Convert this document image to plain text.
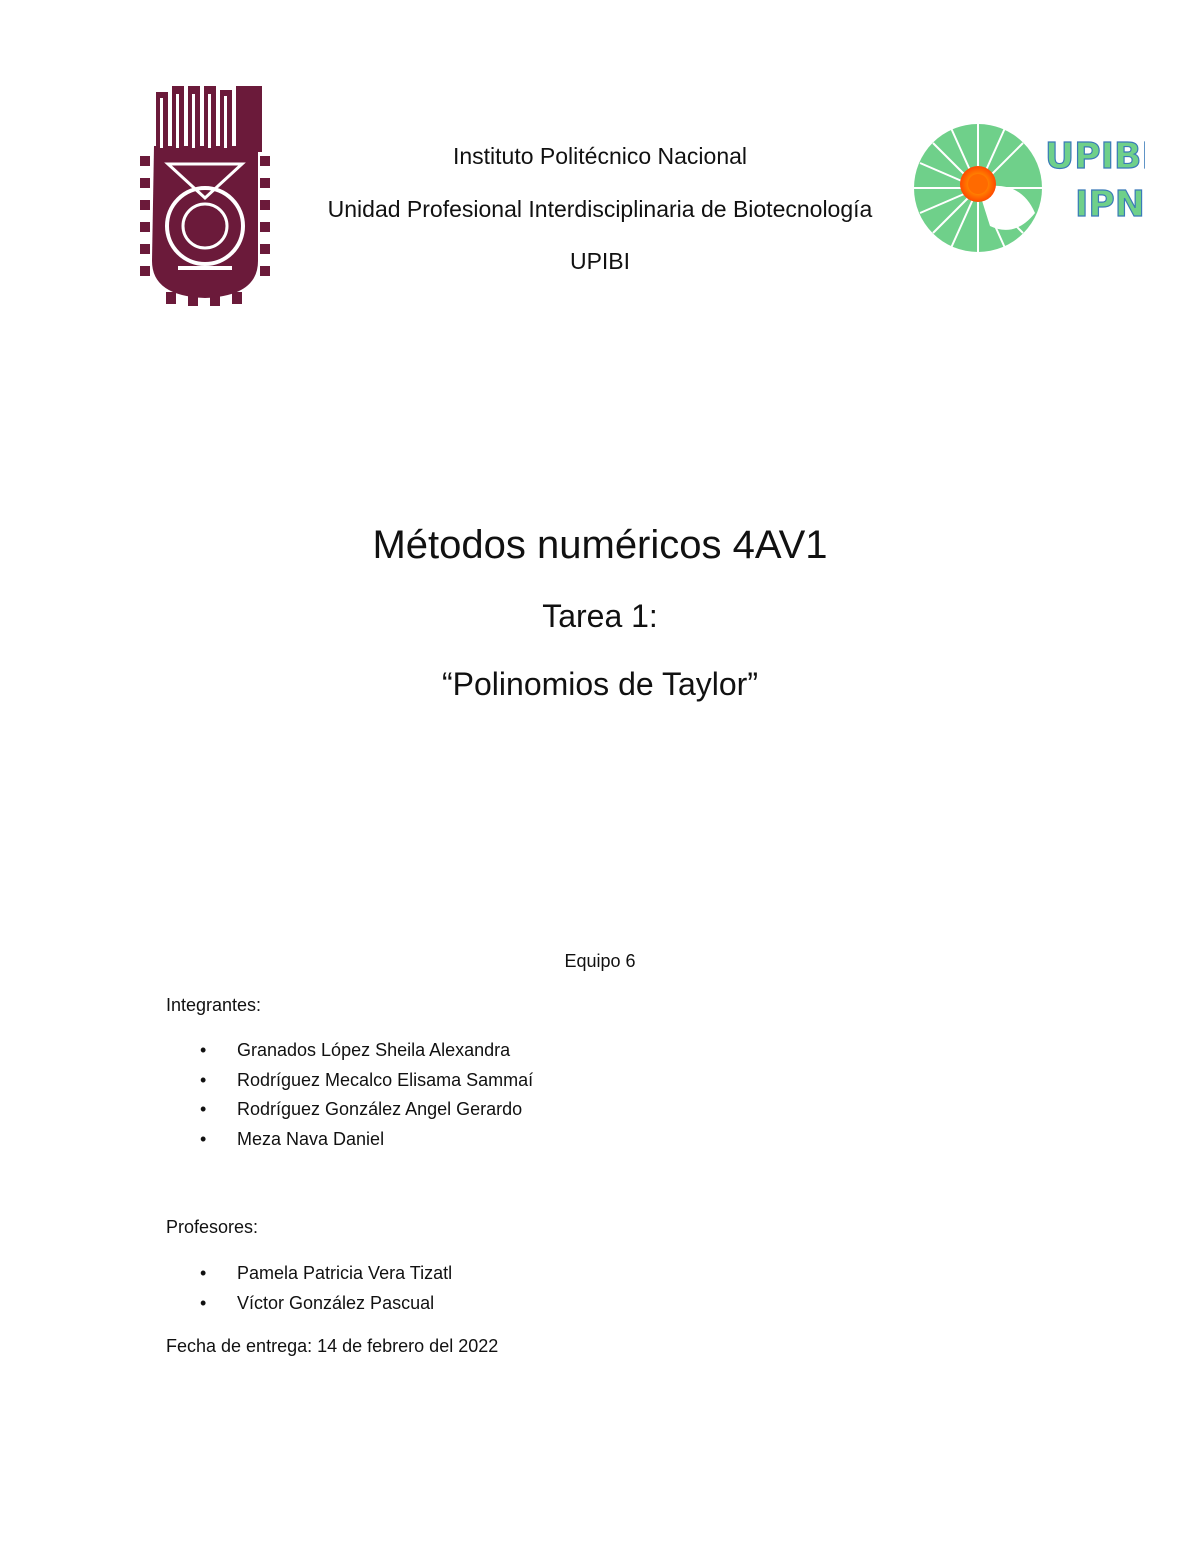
Instituto Politécnico Nacional
Unidad Profesional Interdisciplinaria de Biotecnología
UPIBI
UPIBI
IPN
Métodos numéricos 4AV1
Tarea 1:
“Polinomios de Taylor”
Equipo 6
Integrantes:
• Granados López Sheila Alexandra
• Rodríguez Mecalco Elisama Sammaí
• Rodríguez González Angel Gerardo
• Meza Nava Daniel
Profesores:
• Pamela Patricia Vera Tizatl
• Víctor González Pascual
Fecha de entrega: 14 de febrero del 2022
